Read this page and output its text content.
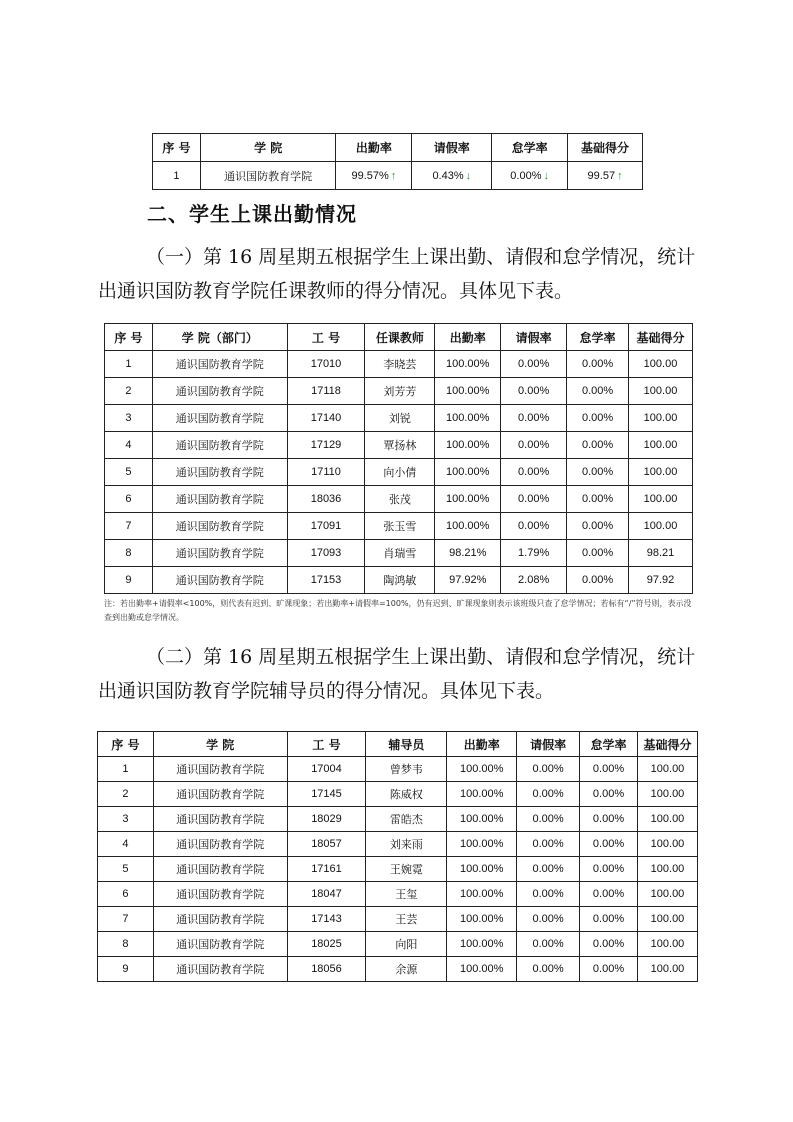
序 号	学 院	出勤率	请假率	怠学率	基础得分
1	通识国防教育学院	99.57% ↑	0.43% ↓	0.00% ↓	99.57 ↑
二、学生上课出勤情况
（一）第 16 周星期五根据学生上课出勤、请假和怠学情况，统计出通识国防教育学院任课教师的得分情况。具体见下表。
序 号	学 院（部门）	工 号	任课教师	出勤率	请假率	怠学率	基础得分
1	通识国防教育学院	17010	李晓芸	100.00%	0.00%	0.00%	100.00
2	通识国防教育学院	17118	刘芳芳	100.00%	0.00%	0.00%	100.00
3	通识国防教育学院	17140	刘锐	100.00%	0.00%	0.00%	100.00
4	通识国防教育学院	17129	覃扬林	100.00%	0.00%	0.00%	100.00
5	通识国防教育学院	17110	向小倩	100.00%	0.00%	0.00%	100.00
6	通识国防教育学院	18036	张茂	100.00%	0.00%	0.00%	100.00
7	通识国防教育学院	17091	张玉雪	100.00%	0.00%	0.00%	100.00
8	通识国防教育学院	17093	肖瑞雪	98.21%	1.79%	0.00%	98.21
9	通识国防教育学院	17153	陶鸿敏	97.92%	2.08%	0.00%	97.92
注：若出勤率+请假率<100%，则代表有迟到、旷课现象；若出勤率+请假率=100%，仍有迟到、旷课现象则表示该班级只查了怠学情况；若标有“/”符号则，表示没查到出勤或怠学情况。
（二）第 16 周星期五根据学生上课出勤、请假和怠学情况，统计出通识国防教育学院辅导员的得分情况。具体见下表。
序 号	学 院	工 号	辅导员	出勤率	请假率	怠学率	基础得分
1	通识国防教育学院	17004	曾梦韦	100.00%	0.00%	0.00%	100.00
2	通识国防教育学院	17145	陈威权	100.00%	0.00%	0.00%	100.00
3	通识国防教育学院	18029	雷皓杰	100.00%	0.00%	0.00%	100.00
4	通识国防教育学院	18057	刘来雨	100.00%	0.00%	0.00%	100.00
5	通识国防教育学院	17161	王婉霓	100.00%	0.00%	0.00%	100.00
6	通识国防教育学院	18047	王玺	100.00%	0.00%	0.00%	100.00
7	通识国防教育学院	17143	王芸	100.00%	0.00%	0.00%	100.00
8	通识国防教育学院	18025	向阳	100.00%	0.00%	0.00%	100.00
9	通识国防教育学院	18056	余源	100.00%	0.00%	0.00%	100.00
